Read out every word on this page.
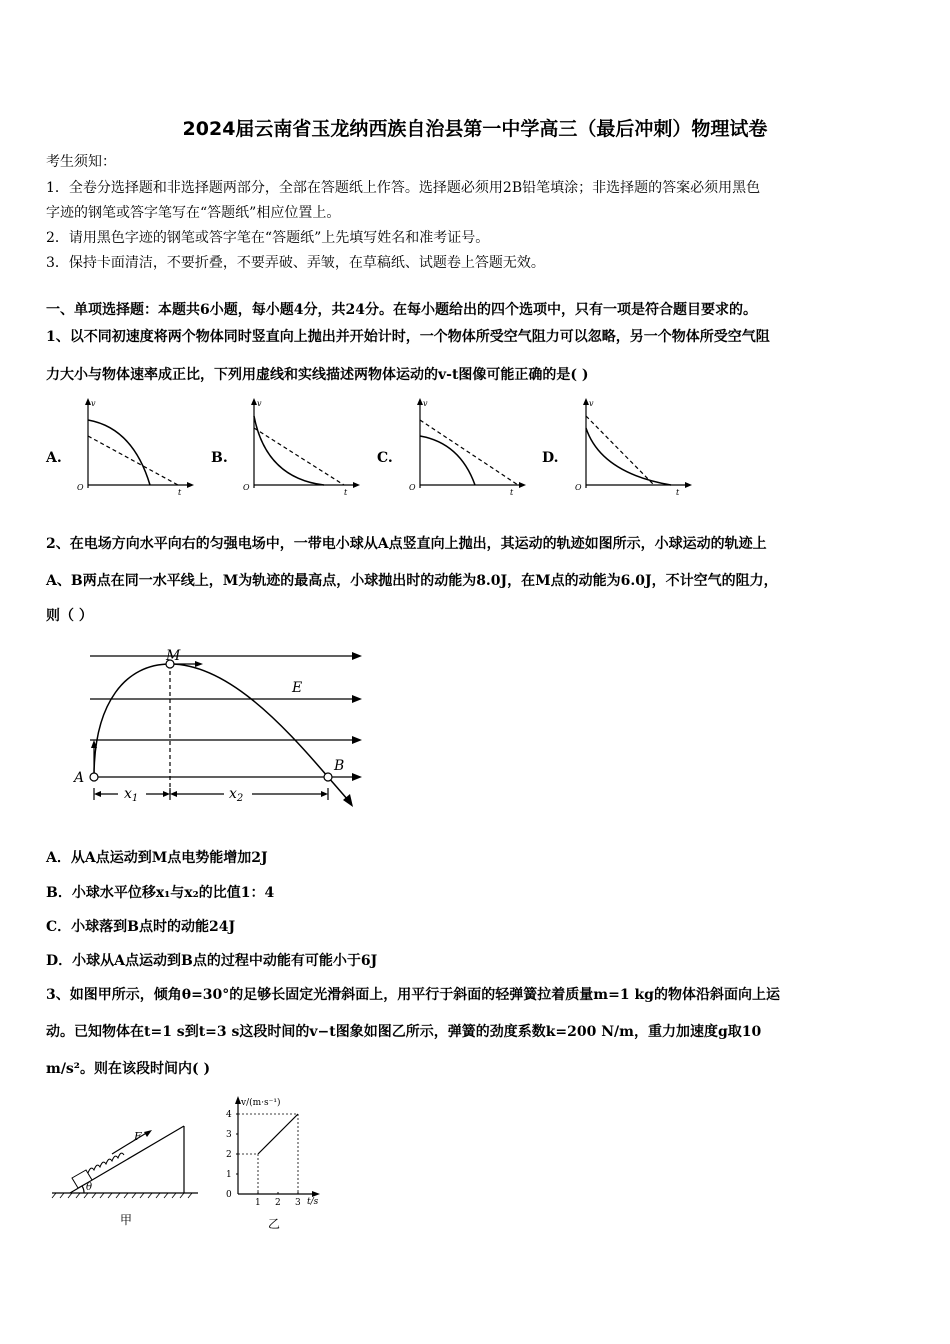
2024届云南省玉龙纳西族自治县第一中学高三（最后冲刺）物理试卷
考生须知：
1．全卷分选择题和非选择题两部分，全部在答题纸上作答。选择题必须用2B铅笔填涂；非选择题的答案必须用黑色
字迹的钢笔或答字笔写在“答题纸”相应位置上。
2．请用黑色字迹的钢笔或答字笔在“答题纸”上先填写姓名和准考证号。
3．保持卡面清洁，不要折叠，不要弄破、弄皱，在草稿纸、试题卷上答题无效。
一、单项选择题：本题共6小题，每小题4分，共24分。在每小题给出的四个选项中，只有一项是符合题目要求的。
1、以不同初速度将两个物体同时竖直向上抛出并开始计时，一个物体所受空气阻力可以忽略，另一个物体所受空气阻
力大小与物体速率成正比，下列用虚线和实线描述两物体运动的v-t图像可能正确的是( )
A.
v
t
O
B.
v
t
O
C.
v
t
O
D.
v
t
O
2、在电场方向水平向右的匀强电场中，一带电小球从A点竖直向上抛出，其运动的轨迹如图所示，小球运动的轨迹上
A、B两点在同一水平线上，M为轨迹的最高点，小球抛出时的动能为8.0J，在M点的动能为6.0J，不计空气的阻力，
则（ ）
M
E
A
B
$x_1$	$x_2$
A．从A点运动到M点电势能增加2J
B．小球水平位移x₁与x₂的比值1：4
C．小球落到B点时的动能24J
D．小球从A点运动到B点的过程中动能有可能小于6J
3、如图甲所示，倾角θ=30°的足够长固定光滑斜面上，用平行于斜面的轻弹簧拉着质量m=1 kg的物体沿斜面向上运
动。已知物体在t=1 s到t=3 s这段时间的v−t图象如图乙所示，弹簧的劲度系数k=200 N/m，重力加速度g取10
m/s²。则在该段时间内( )
F
θ
甲
v/(m·s⁻¹)
t/s
4
3
2
1
0
1 2 3
乙
